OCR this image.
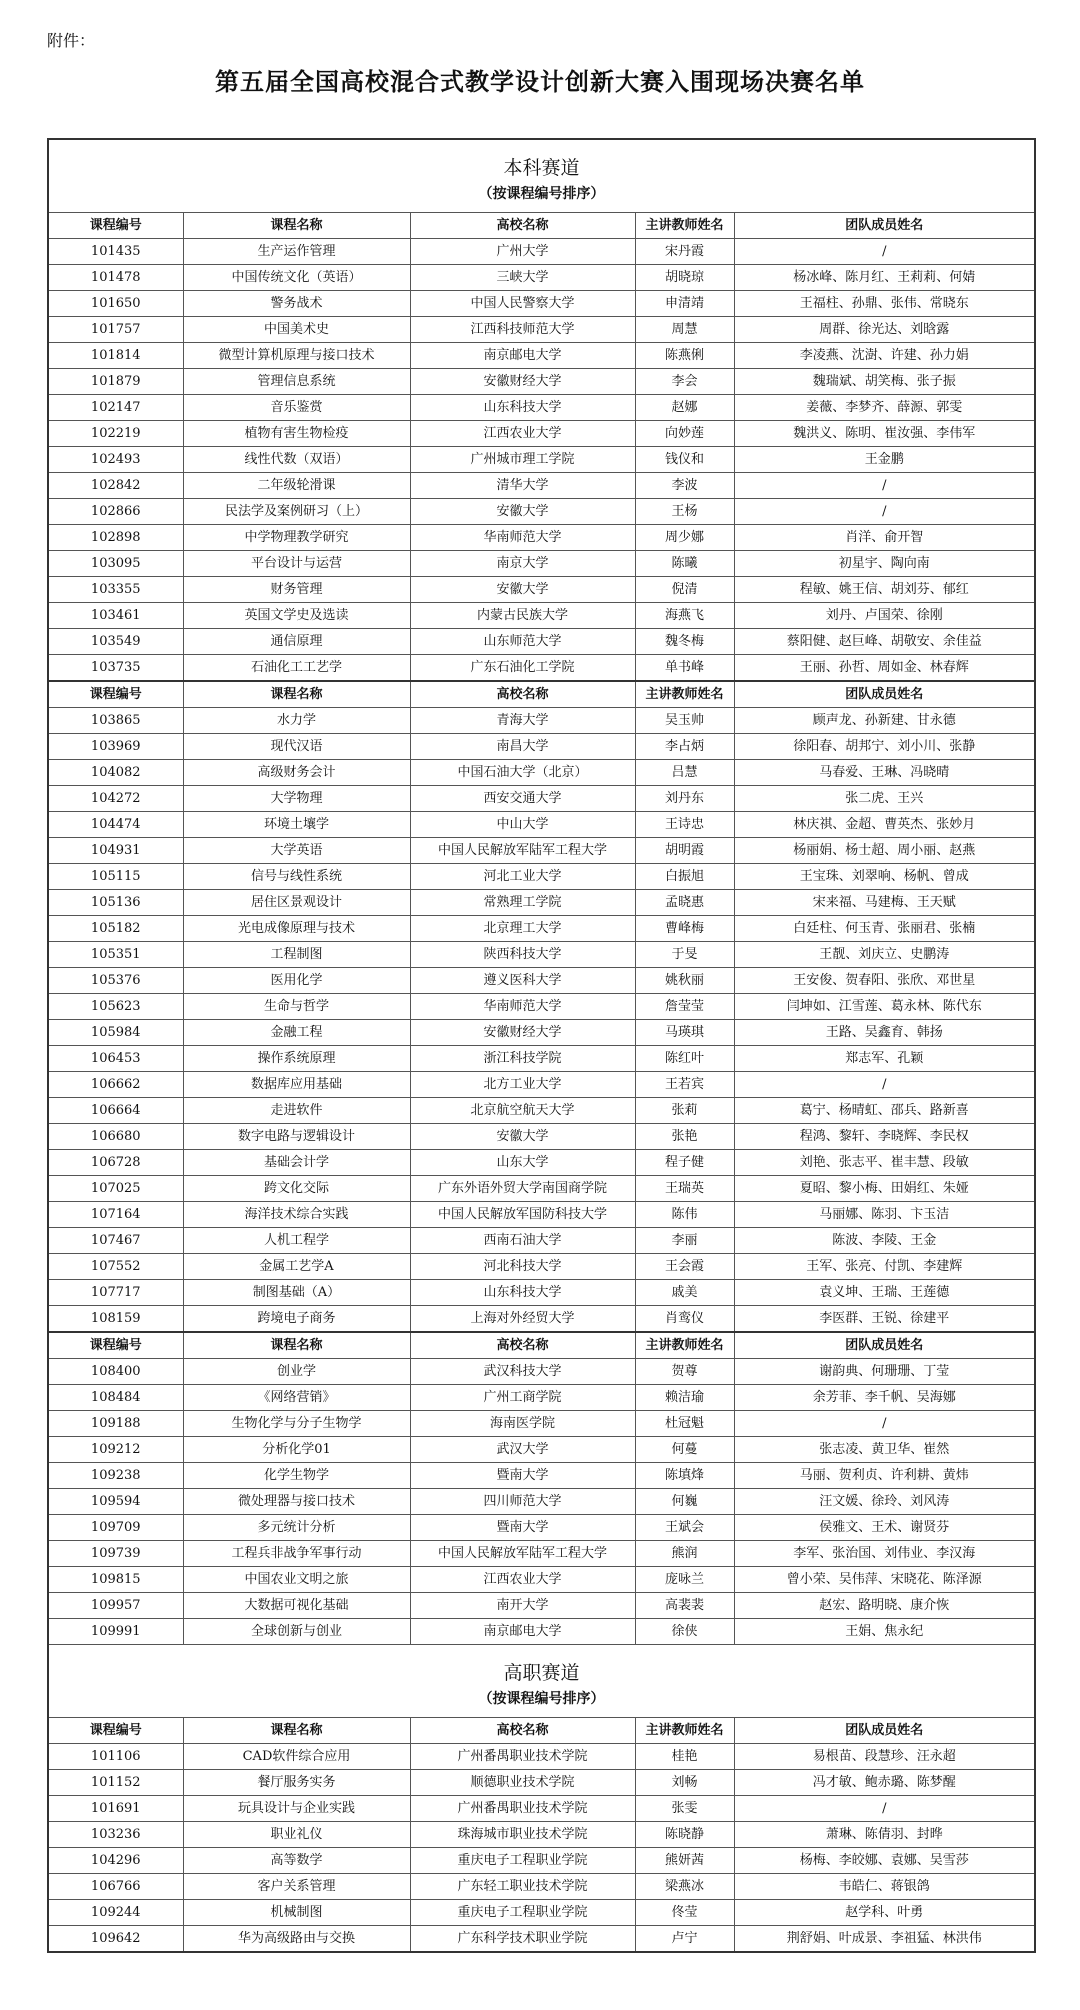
附件：
第五届全国高校混合式教学设计创新大赛入围现场决赛名单
本科赛道
（按课程编号排序）				

课程编号	课程名称	高校名称	主讲教师姓名	团队成员姓名
101435	生产运作管理	广州大学	宋丹霞	/
101478	中国传统文化（英语）	三峡大学	胡晓琼	杨冰峰、陈月红、王莉莉、何婧
101650	警务战术	中国人民警察大学	申清靖	王福柱、孙鼎、张伟、常晓东
101757	中国美术史	江西科技师范大学	周慧	周群、徐光达、刘晗露
101814	微型计算机原理与接口技术	南京邮电大学	陈燕俐	李凌燕、沈澍、许建、孙力娟
101879	管理信息系统	安徽财经大学	李会	魏瑞斌、胡笑梅、张子振
102147	音乐鉴赏	山东科技大学	赵娜	姜薇、李梦齐、薛源、郭雯
102219	植物有害生物检疫	江西农业大学	向妙莲	魏洪义、陈明、崔汝强、李伟军
102493	线性代数（双语）	广州城市理工学院	钱仪和	王金鹏
102842	二年级轮滑课	清华大学	李波	/
102866	民法学及案例研习（上）	安徽大学	王杨	/
102898	中学物理教学研究	华南师范大学	周少娜	肖洋、俞开智
103095	平台设计与运营	南京大学	陈曦	初星宇、陶向南
103355	财务管理	安徽大学	倪清	程敏、姚王信、胡刘芬、郁红
103461	英国文学史及选读	内蒙古民族大学	海燕飞	刘丹、卢国荣、徐刚
103549	通信原理	山东师范大学	魏冬梅	蔡阳健、赵巨峰、胡敬安、余佳益
103735	石油化工工艺学	广东石油化工学院	单书峰	王丽、孙哲、周如金、林春辉
课程编号	课程名称	高校名称	主讲教师姓名	团队成员姓名
103865	水力学	青海大学	吴玉帅	顾声龙、孙新建、甘永德
103969	现代汉语	南昌大学	李占炳	徐阳春、胡邦宁、刘小川、张静
104082	高级财务会计	中国石油大学（北京）	吕慧	马春爱、王琳、冯晓晴
104272	大学物理	西安交通大学	刘丹东	张二虎、王兴
104474	环境土壤学	中山大学	王诗忠	林庆祺、金超、曹英杰、张妙月
104931	大学英语	中国人民解放军陆军工程大学	胡明霞	杨丽娟、杨士超、周小丽、赵燕
105115	信号与线性系统	河北工业大学	白振旭	王宝珠、刘翠响、杨帆、曾成
105136	居住区景观设计	常熟理工学院	孟晓惠	宋来福、马建梅、王天赋
105182	光电成像原理与技术	北京理工大学	曹峰梅	白廷柱、何玉青、张丽君、张楠
105351	工程制图	陕西科技大学	于旻	王靓、刘庆立、史鹏涛
105376	医用化学	遵义医科大学	姚秋丽	王安俊、贺春阳、张欣、邓世星
105623	生命与哲学	华南师范大学	詹莹莹	闫坤如、江雪莲、葛永林、陈代东
105984	金融工程	安徽财经大学	马瑛琪	王路、吴鑫育、韩扬
106453	操作系统原理	浙江科技学院	陈红叶	郑志军、孔颖
106662	数据库应用基础	北方工业大学	王若宾	/
106664	走进软件	北京航空航天大学	张莉	葛宁、杨晴虹、邵兵、路新喜
106680	数字电路与逻辑设计	安徽大学	张艳	程鸿、黎轩、李晓辉、李民权
106728	基础会计学	山东大学	程子健	刘艳、张志平、崔丰慧、段敏
107025	跨文化交际	广东外语外贸大学南国商学院	王瑞英	夏昭、黎小梅、田娟红、朱娅
107164	海洋技术综合实践	中国人民解放军国防科技大学	陈伟	马丽娜、陈羽、卞玉洁
107467	人机工程学	西南石油大学	李丽	陈波、李陵、王金
107552	金属工艺学A	河北科技大学	王会霞	王军、张亮、付凯、李建辉
107717	制图基础（A）	山东科技大学	戚美	袁义坤、王瑞、王莲德
108159	跨境电子商务	上海对外经贸大学	肖鸾仪	李医群、王锐、徐建平
课程编号	课程名称	高校名称	主讲教师姓名	团队成员姓名
108400	创业学	武汉科技大学	贺尊	谢韵典、何珊珊、丁莹
108484	《网络营销》	广州工商学院	赖洁瑜	余芳菲、李千帆、吴海娜
109188	生物化学与分子生物学	海南医学院	杜冠魁	/
109212	分析化学01	武汉大学	何蔓	张志凌、黄卫华、崔然
109238	化学生物学	暨南大学	陈填烽	马丽、贺利贞、许利耕、黄炜
109594	微处理器与接口技术	四川师范大学	何巍	汪文媛、徐玲、刘风涛
109709	多元统计分析	暨南大学	王斌会	侯雅文、王术、谢贤芬
109739	工程兵非战争军事行动	中国人民解放军陆军工程大学	熊润	李军、张治国、刘伟业、李汉海
109815	中国农业文明之旅	江西农业大学	庞咏兰	曾小荣、吴伟萍、宋晓花、陈泽源
109957	大数据可视化基础	南开大学	高裴裴	赵宏、路明晓、康介恢
109991	全球创新与创业	南京邮电大学	徐侠	王娟、焦永纪

高职赛道
（按课程编号排序）				

课程编号	课程名称	高校名称	主讲教师姓名	团队成员姓名
101106	CAD软件综合应用	广州番禺职业技术学院	桂艳	易根苗、段慧珍、汪永超
101152	餐厅服务实务	顺德职业技术学院	刘畅	冯才敏、鲍赤璐、陈梦醒
101691	玩具设计与企业实践	广州番禺职业技术学院	张雯	/
103236	职业礼仪	珠海城市职业技术学院	陈晓静	萧琳、陈倩羽、封晔
104296	高等数学	重庆电子工程职业学院	熊妍茜	杨梅、李皎娜、袁娜、吴雪莎
106766	客户关系管理	广东轻工职业技术学院	梁燕冰	韦皓仁、蒋银鸽
109244	机械制图	重庆电子工程职业学院	佟莹	赵学科、叶勇
109642	华为高级路由与交换	广东科学技术职业学院	卢宁	荆舒娟、叶成景、李祖猛、林洪伟
